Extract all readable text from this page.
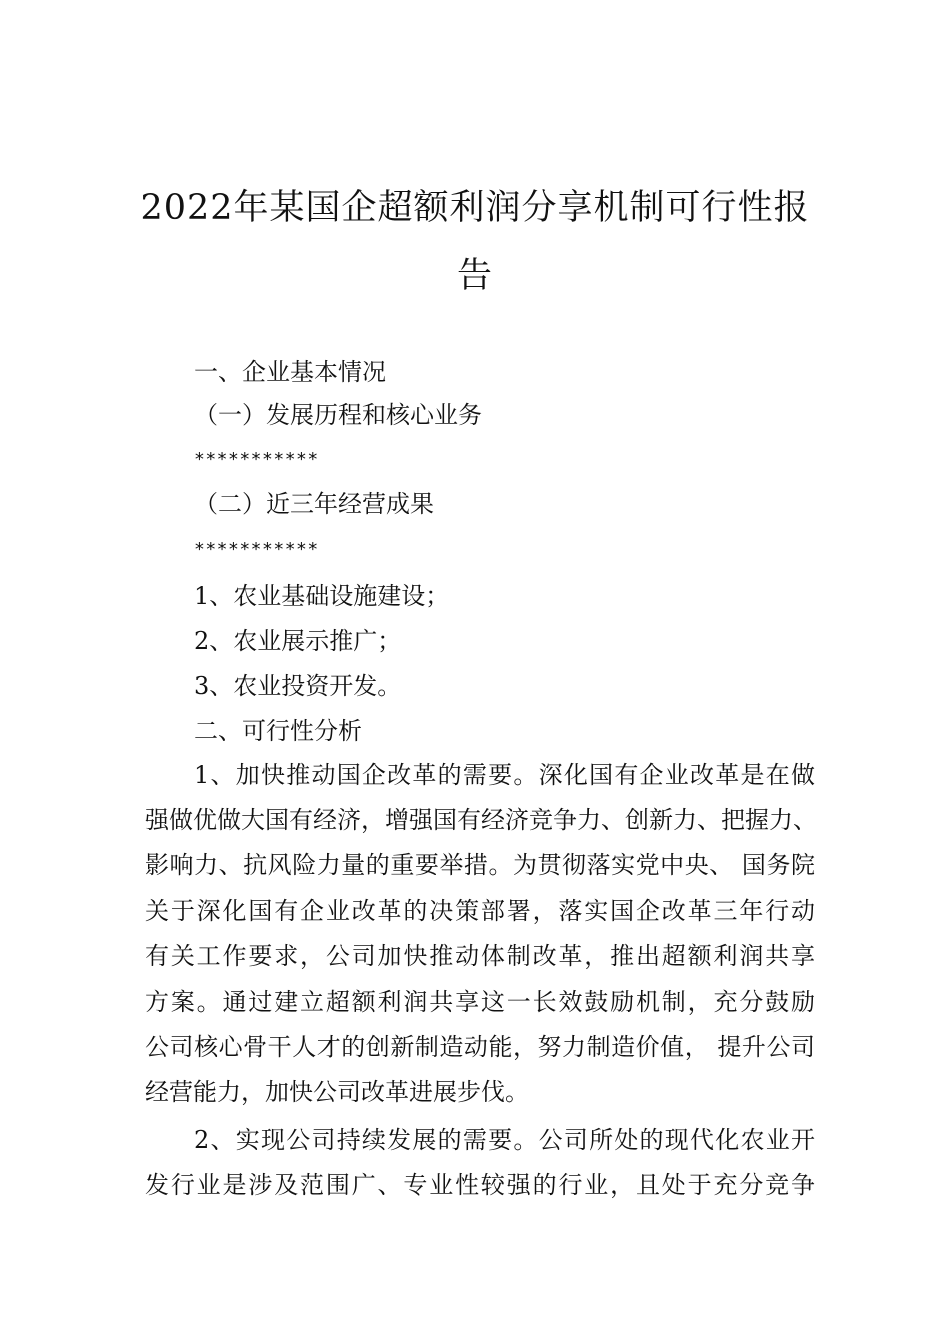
2022年某国企超额利润分享机制可行性报
告

一、企业基本情况

（一）发展历程和核心业务

***********

（二）近三年经营成果

***********

1、农业基础设施建设；

2、农业展示推广；

3、农业投资开发。

二、可行性分析

1、加快推动国企改革的需要。深化国有企业改革是在做

强做优做大国有经济，增强国有经济竞争力、创新力、把握力、

影响力、抗风险力量的重要举措。为贯彻落实党中央、 国务院

关于深化国有企业改革的决策部署，落实国企改革三年行动

有关工作要求，公司加快推动体制改革，推出超额利润共享

方案。通过建立超额利润共享这一长效鼓励机制，充分鼓励

公司核心骨干人才的创新制造动能，努力制造价值， 提升公司

经营能力，加快公司改革进展步伐。

2、实现公司持续发展的需要。公司所处的现代化农业开

发行业是涉及范围广、专业性较强的行业，且处于充分竞争
